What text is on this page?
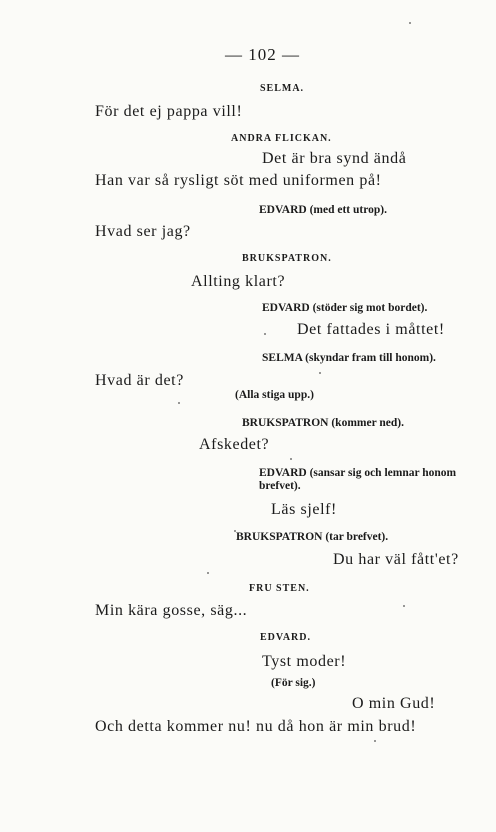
— 102 —
SELMA.
För det ej pappa vill!
ANDRA FLICKAN.
Det är bra synd ändå
Han var så rysligt söt med uniformen på!
EDVARD (med ett utrop).
Hvad ser jag?
BRUKSPATRON.
Allting klart?
EDVARD (stöder sig mot bordet).
Det fattades i måttet!
SELMA (skyndar fram till honom).
Hvad är det?
(Alla stiga upp.)
BRUKSPATRON (kommer ned).
Afskedet?
EDVARD (sansar sig och lemnar honom brefvet).
Läs sjelf!
BRUKSPATRON (tar brefvet).
Du har väl fått'et?
FRU STEN.
Min kära gosse, säg...
EDVARD.
Tyst moder!
(För sig.)
O min Gud!
Och detta kommer nu! nu då hon är min brud!
